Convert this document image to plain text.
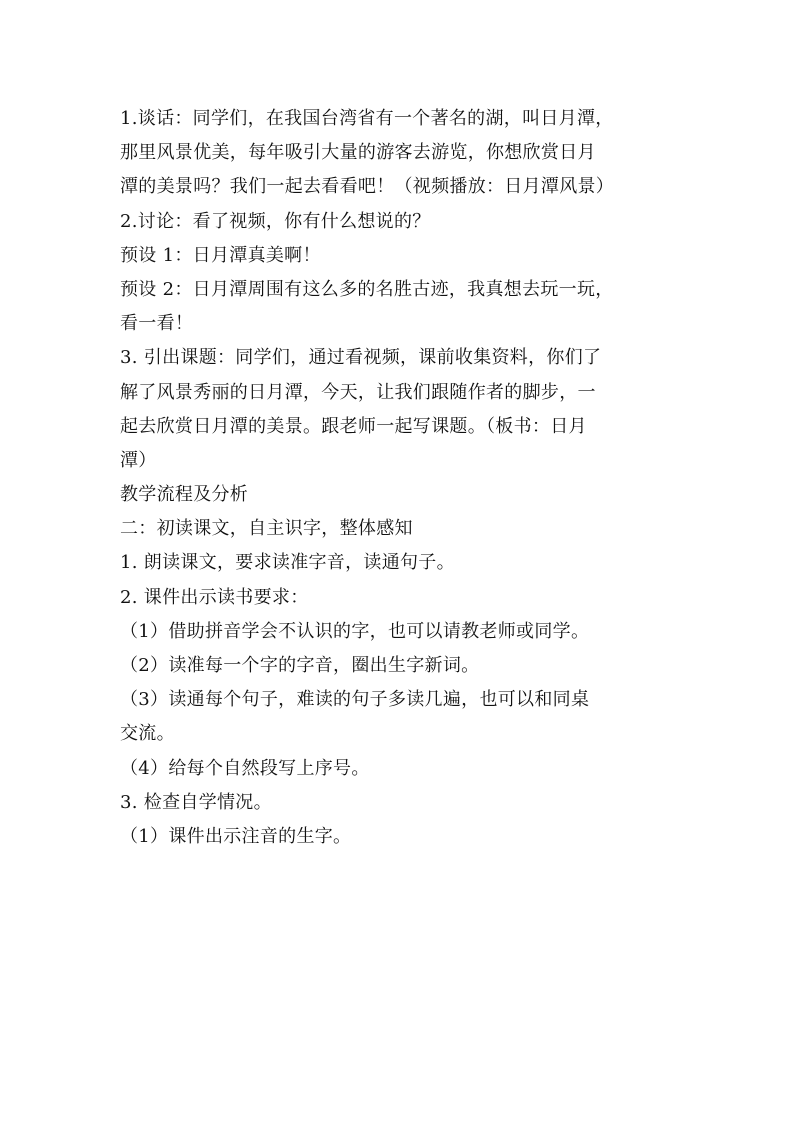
1.谈话：同学们，在我国台湾省有一个著名的湖，叫日月潭，
那里风景优美，每年吸引大量的游客去游览，你想欣赏日月
潭的美景吗？我们一起去看看吧！（视频播放：日月潭风景）
2.讨论：看了视频，你有什么想说的？
预设 1：日月潭真美啊！
预设 2：日月潭周围有这么多的名胜古迹，我真想去玩一玩，
看一看！
3. 引出课题：同学们，通过看视频，课前收集资料，你们了
解了风景秀丽的日月潭，今天，让我们跟随作者的脚步，一
起去欣赏日月潭的美景。跟老师一起写课题。（板书：日月
潭）
教学流程及分析
二：初读课文，自主识字，整体感知
1. 朗读课文，要求读准字音，读通句子。
2. 课件出示读书要求：
（1）借助拼音学会不认识的字，也可以请教老师或同学。
（2）读准每一个字的字音，圈出生字新词。
（3）读通每个句子，难读的句子多读几遍，也可以和同桌
交流。
（4）给每个自然段写上序号。
3. 检查自学情况。
（1）课件出示注音的生字。
